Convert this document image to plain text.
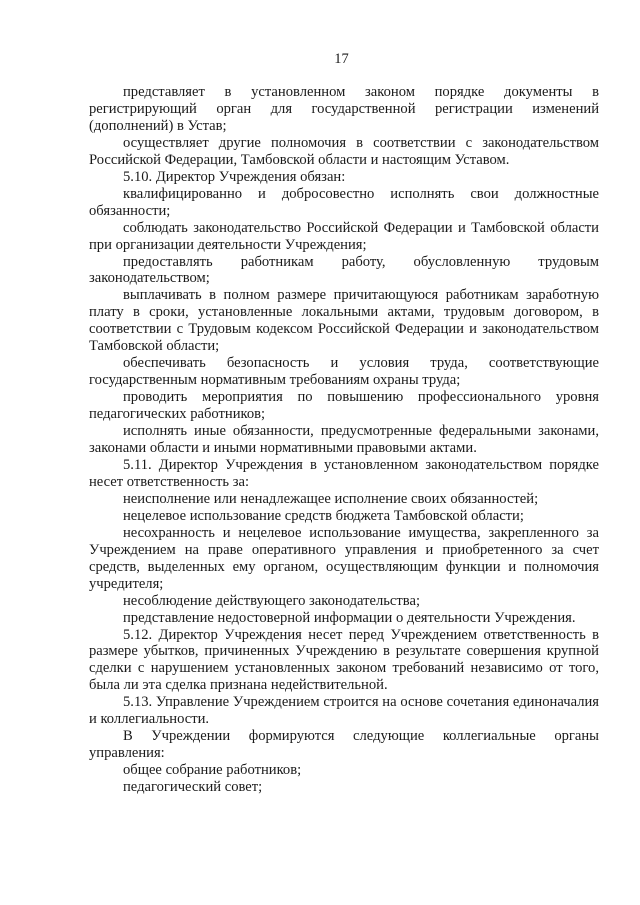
17

представляет в установленном законом порядке документы в регистрирующий орган для государственной регистрации изменений (дополнений) в Устав;

осуществляет другие полномочия в соответствии с законодательством Российской Федерации, Тамбовской области и настоящим Уставом.

5.10. Директор Учреждения обязан:

квалифицированно и добросовестно исполнять свои должностные обязанности;

соблюдать законодательство Российской Федерации и Тамбовской области при организации деятельности Учреждения;

предоставлять работникам работу, обусловленную трудовым законодательством;

выплачивать в полном размере причитающуюся работникам заработную плату в сроки, установленные локальными актами, трудовым договором, в соответствии с Трудовым кодексом Российской Федерации и законодательством Тамбовской области;

обеспечивать безопасность и условия труда, соответствующие государственным нормативным требованиям охраны труда;

проводить мероприятия по повышению профессионального уровня педагогических работников;

исполнять иные обязанности, предусмотренные федеральными законами, законами области и иными нормативными правовыми актами.

5.11. Директор Учреждения в установленном законодательством порядке несет ответственность за:

неисполнение или ненадлежащее исполнение своих обязанностей;

нецелевое использование средств бюджета Тамбовской области;

несохранность и нецелевое использование имущества, закрепленного за Учреждением на праве оперативного управления и приобретенного за счет средств, выделенных ему органом, осуществляющим функции и полномочия учредителя;

несоблюдение действующего законодательства;

представление недостоверной информации о деятельности Учреждения.

5.12. Директор Учреждения несет перед Учреждением ответственность в размере убытков, причиненных Учреждению в результате совершения крупной сделки с нарушением установленных законом требований независимо от того, была ли эта сделка признана недействительной.

5.13. Управление Учреждением строится на основе сочетания единоначалия и коллегиальности.

В Учреждении формируются следующие коллегиальные органы управления:

общее собрание работников;

педагогический совет;
